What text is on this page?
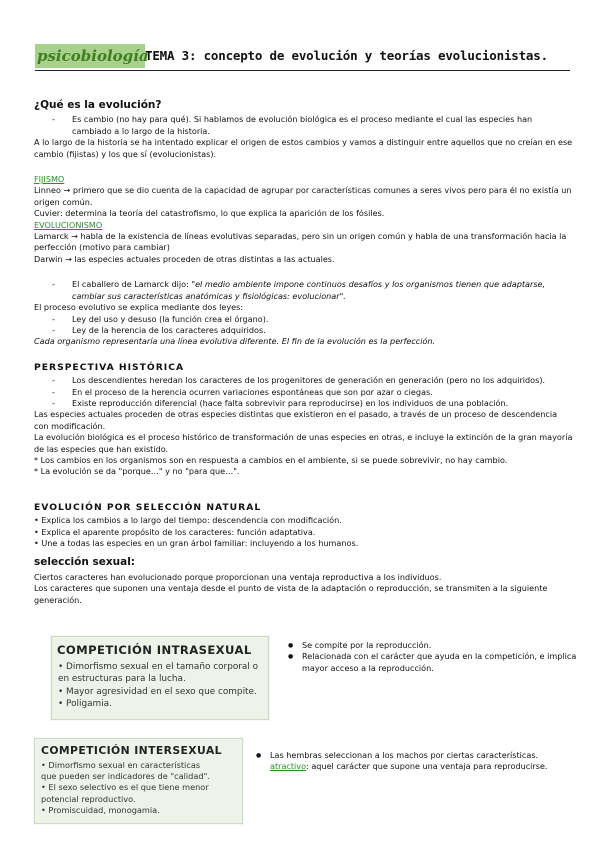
psicobiología
TEMA 3: concepto de evolución y teorías evolucionistas.
¿Qué es la evolución?

- Es cambio (no hay para qué). Si hablamos de evolución biológica es el proceso mediante el cual las especies han cambiado a lo largo de la historia.

A lo largo de la historia se ha intentado explicar el origen de estos cambios y vamos a distinguir entre aquellos que no creían en ese cambio (fijistas) y los que sí (evolucionistas).

FIJISMO

Linneo → primero que se dio cuenta de la capacidad de agrupar por características comunes a seres vivos pero para él no existía un origen común.

Cuvier: determina la teoría del catastrofismo, lo que explica la aparición de los fósiles.

EVOLUCIONISMO

Lamarck → habla de la existencia de líneas evolutivas separadas, pero sin un origen común y habla de una transformación hacia la perfección (motivo para cambiar)

Darwin → las especies actuales proceden de otras distintas a las actuales.

- El caballero de Lamarck dijo: "el medio ambiente impone continuos desafíos y los organismos tienen que adaptarse, cambiar sus características anatómicas y fisiológicas: evolucionar".

El proceso evolutivo se explica mediante dos leyes:

- Ley del uso y desuso (la función crea el órgano).

- Ley de la herencia de los caracteres adquiridos.

Cada organismo representaría una línea evolutiva diferente. El fin de la evolución es la perfección.

PERSPECTIVA HISTÓRICA

- Los descendientes heredan los caracteres de los progenitores de generación en generación (pero no los adquiridos).

- En el proceso de la herencia ocurren variaciones espontáneas que son por azar o ciegas.

- Existe reproducción diferencial (hace falta sobrevivir para reproducirse) en los individuos de una población.

Las especies actuales proceden de otras especies distintas que existieron en el pasado, a través de un proceso de descendencia con modificación.

La evolución biológica es el proceso histórico de transformación de unas especies en otras, e incluye la extinción de la gran mayoría de las especies que han existido.

* Los cambios en los organismos son en respuesta a cambios en el ambiente, si se puede sobrevivir, no hay cambio.

* La evolución se da "porque…" y no "para que…".

EVOLUCIÓN POR SELECCIÓN NATURAL

• Explica los cambios a lo largo del tiempo: descendencia con modificación.

• Explica el aparente propósito de los caracteres: función adaptativa.

• Une a todas las especies en un gran árbol familiar: incluyendo a los humanos.

selección sexual:

Ciertos caracteres han evolucionado porque proporcionan una ventaja reproductiva a los individuos.

Los caracteres que suponen una ventaja desde el punto de vista de la adaptación o reproducción, se transmiten a la siguiente generación.

COMPETICIÓN INTRASEXUAL
• Dimorfismo sexual en el tamaño corporal o
en estructuras para la lucha.
• Mayor agresividad en el sexo que compite.
• Poligamia.

● Se compite por la reproducción.

● Relacionada con el carácter que ayuda en la competición, e implica mayor acceso a la reproducción.

COMPETICIÓN INTERSEXUAL
• Dimorfismo sexual en características
que pueden ser indicadores de "calidad".
• El sexo selectivo es el que tiene menor
potencial reproductivo.
• Promiscuidad, monogamia.

● Las hembras seleccionan a los machos por ciertas características.

atractivo: aquel carácter que supone una ventaja para reproducirse.
